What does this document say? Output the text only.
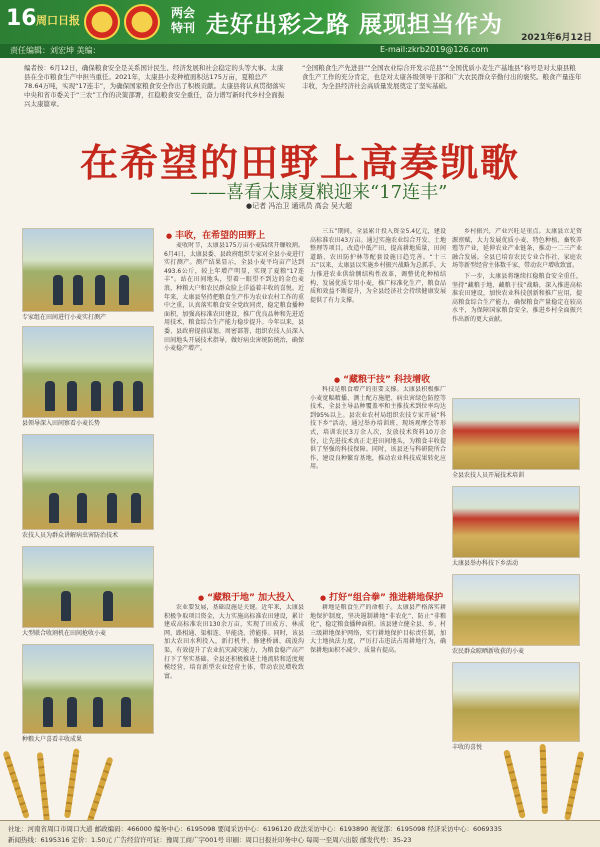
16 周口日报
两会特刊 走好出彩之路 展现担当作为 2021年6月12日
责任编辑：刘宏坤 美编：	E-mail:zkrb2019@126.com
编者按：6月12日，确保粮食安全是关系国计民生、经济发展和社会稳定的头等大事。太康县在全市粮食生产中担当重任。2021年，太康县小麦种植面积达175万亩，夏粮总产78.64万吨，实现“17连丰”，为确保国家粮食安全作出了积极贡献。太康县将认真贯彻落实中央和省市委关于“三农”工作的决策部署，扛稳粮食安全重任，奋力谱写新时代乡村全面振兴太康篇章。
“全国粮食生产先进县”“全国农业综合开发示范县”“全国优质小麦生产基地县”称号是对太康县粮食生产工作的充分肯定，也是对太康各级领导干部和广大农民群众辛勤付出的褒奖。粮食产量连年丰收，为全县经济社会高质量发展奠定了坚实基础。
在希望的田野上高奏凯歌
——喜看太康夏粮迎来“17连丰”
●记者 冯治卫 通讯员 高会 吴大超
专家组在田间进行小麦实打测产
县领导深入田间察看小麦长势
农技人员为群众讲解病虫害防治技术
大型联合收割机在田间抢收小麦
种粮大户喜看丰收成果
● 丰收，在希望的田野上

麦收时节，太康县175万亩小麦陆续开镰收割。6月4日，太康县委、县政府组织专家对全县小麦进行实打测产。测产结果显示，全县小麦平均亩产达到493.6公斤，较上年增产明显，实现了夏粮“17连丰”。站在田间地头，望着一眼望不到边的金色麦浪，种粮大户和农民群众脸上洋溢着丰收的喜悦。近年来，太康县坚持把粮食生产作为农业农村工作的重中之重，认真落实粮食安全党政同责，稳定粮食播种面积，加强高标准农田建设，推广优良品种和先进适用技术，粮食综合生产能力稳步提升。今年以来，县委、县政府提前谋划、周密部署，组织农技人员深入田间地头开展技术指导，做好病虫害统防统治，确保小麦稳产增产。

● “藏粮于地” 加大投入

农业要发展，基础设施是关键。近年来，太康县积极争取项目资金，大力实施高标准农田建设，累计建成高标准农田130余万亩，实现了田成方、林成网、路相通、渠相连、旱能浇、涝能排。同时，该县加大农田水利投入，新打机井、修建桥涵、疏浚沟渠，有效提升了农业抗灾减灾能力，为粮食稳产高产打下了坚实基础。全县还积极推进土地流转和适度规模经营，培育新型农业经营主体，带动农民增收致富。

三五”期间，全县累计投入资金5.4亿元，建设高标准农田43万亩。通过实施农业综合开发、土地整理等项目，改造中低产田，提高耕地质量，田间道路、农田防护林等配套设施日趋完善。“十三五”以来，太康县以实施乡村振兴战略为总抓手，大力推进农业供给侧结构性改革，调整优化种植结构，发展优质专用小麦，推广标准化生产，粮食品质和效益不断提升，为全县经济社会持续健康发展提供了有力支撑。

● “藏粮于技” 科技增收

科技是粮食增产的重要支撑。太康县积极推广小麦宽幅精播、测土配方施肥、病虫害绿色防控等技术，全县主导品种覆盖率和主推技术到位率均达到95%以上。县农业农村局组织农技专家开展“科技下乡”活动，通过举办培训班、现场观摩会等形式，培训农民3万余人次，发放技术资料10万余份，让先进技术真正走进田间地头，为粮食丰收提供了坚强的科技保障。同时，该县还与科研院所合作，建设良种繁育基地，推动农业科技成果转化应用。

● 打好“组合拳” 推进耕地保护

耕地是粮食生产的命根子。太康县严格落实耕地保护制度，坚决遏制耕地“非农化”、防止“非粮化”，稳定粮食播种面积。该县建立健全县、乡、村三级耕地保护网络，实行耕地保护目标责任制，加大土地执法力度，严厉打击违法占用耕地行为，确保耕地面积不减少、质量有提高。

乡村振兴，产业兴旺是重点。太康县立足资源禀赋，大力发展优质小麦、特色种植、畜牧养殖等产业，延伸农业产业链条，推动一二三产业融合发展。全县已培育农民专业合作社、家庭农场等新型经营主体数千家，带动农户增收致富。

下一步，太康县将继续扛稳粮食安全重任，坚持“藏粮于地、藏粮于技”战略，深入推进高标准农田建设，加快农业科技创新和推广应用，提高粮食综合生产能力，确保粮食产量稳定在较高水平，为保障国家粮食安全、推进乡村全面振兴作出新的更大贡献。

全县农技人员开展技术培训
太康县举办科技下乡活动
农民群众晾晒新收获的小麦
丰收的喜悦
社址：河南省周口市周口大道 邮政编码：466000 编务中心：6195098 要闻采访中心：6196120 政法采访中心：6193890 视觉部：6195098 经济采访中心：6069335
新闻热线：6195316 定价：1.50元 广告经营许可证：豫周工商广字001号 印刷：周口日报社印务中心 每周一至周六出版 邮发代号：35-23
